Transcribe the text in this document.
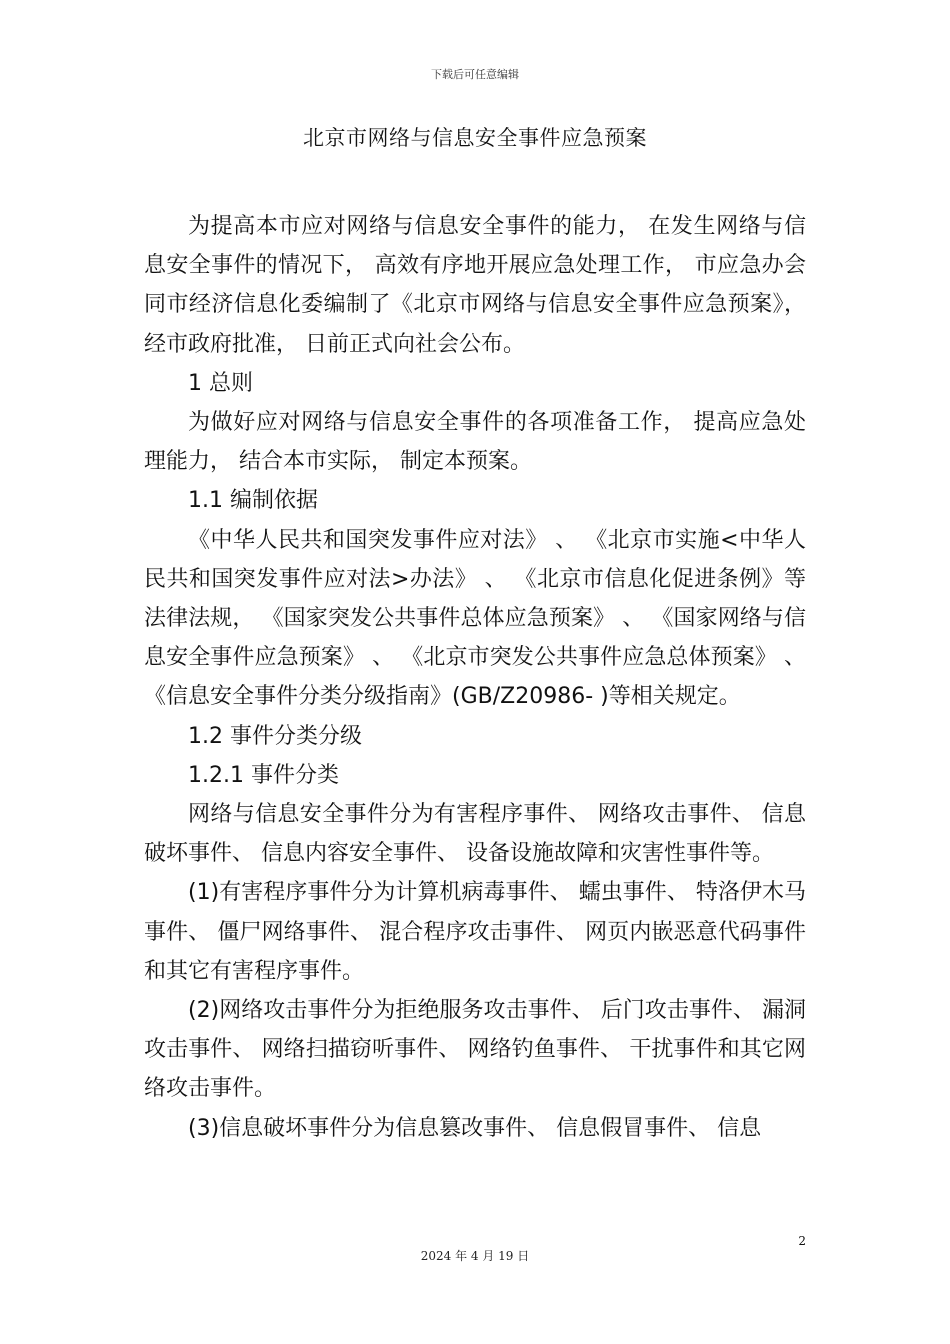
下载后可任意编辑
北京市网络与信息安全事件应急预案

为提高本市应对网络与信息安全事件的能力， 在发生网络与信息安全事件的情况下， 高效有序地开展应急处理工作， 市应急办会同市经济信息化委编制了《北京市网络与信息安全事件应急预案》， 经市政府批准， 日前正式向社会公布。

1 总则

为做好应对网络与信息安全事件的各项准备工作， 提高应急处理能力， 结合本市实际， 制定本预案。

1.1 编制依据

《中华人民共和国突发事件应对法》 、 《北京市实施<中华人民共和国突发事件应对法>办法》 、 《北京市信息化促进条例》等法律法规， 《国家突发公共事件总体应急预案》 、 《国家网络与信息安全事件应急预案》 、 《北京市突发公共事件应急总体预案》 、 《信息安全事件分类分级指南》(GB/Z20986- )等相关规定。

1.2 事件分类分级

1.2.1 事件分类

网络与信息安全事件分为有害程序事件、 网络攻击事件、 信息破坏事件、 信息内容安全事件、 设备设施故障和灾害性事件等。

(1)有害程序事件分为计算机病毒事件、 蠕虫事件、 特洛伊木马事件、 僵尸网络事件、 混合程序攻击事件、 网页内嵌恶意代码事件和其它有害程序事件。

(2)网络攻击事件分为拒绝服务攻击事件、 后门攻击事件、 漏洞攻击事件、 网络扫描窃听事件、 网络钓鱼事件、 干扰事件和其它网络攻击事件。

(3)信息破坏事件分为信息篡改事件、 信息假冒事件、 信息

2
2024 年 4 月 19 日
